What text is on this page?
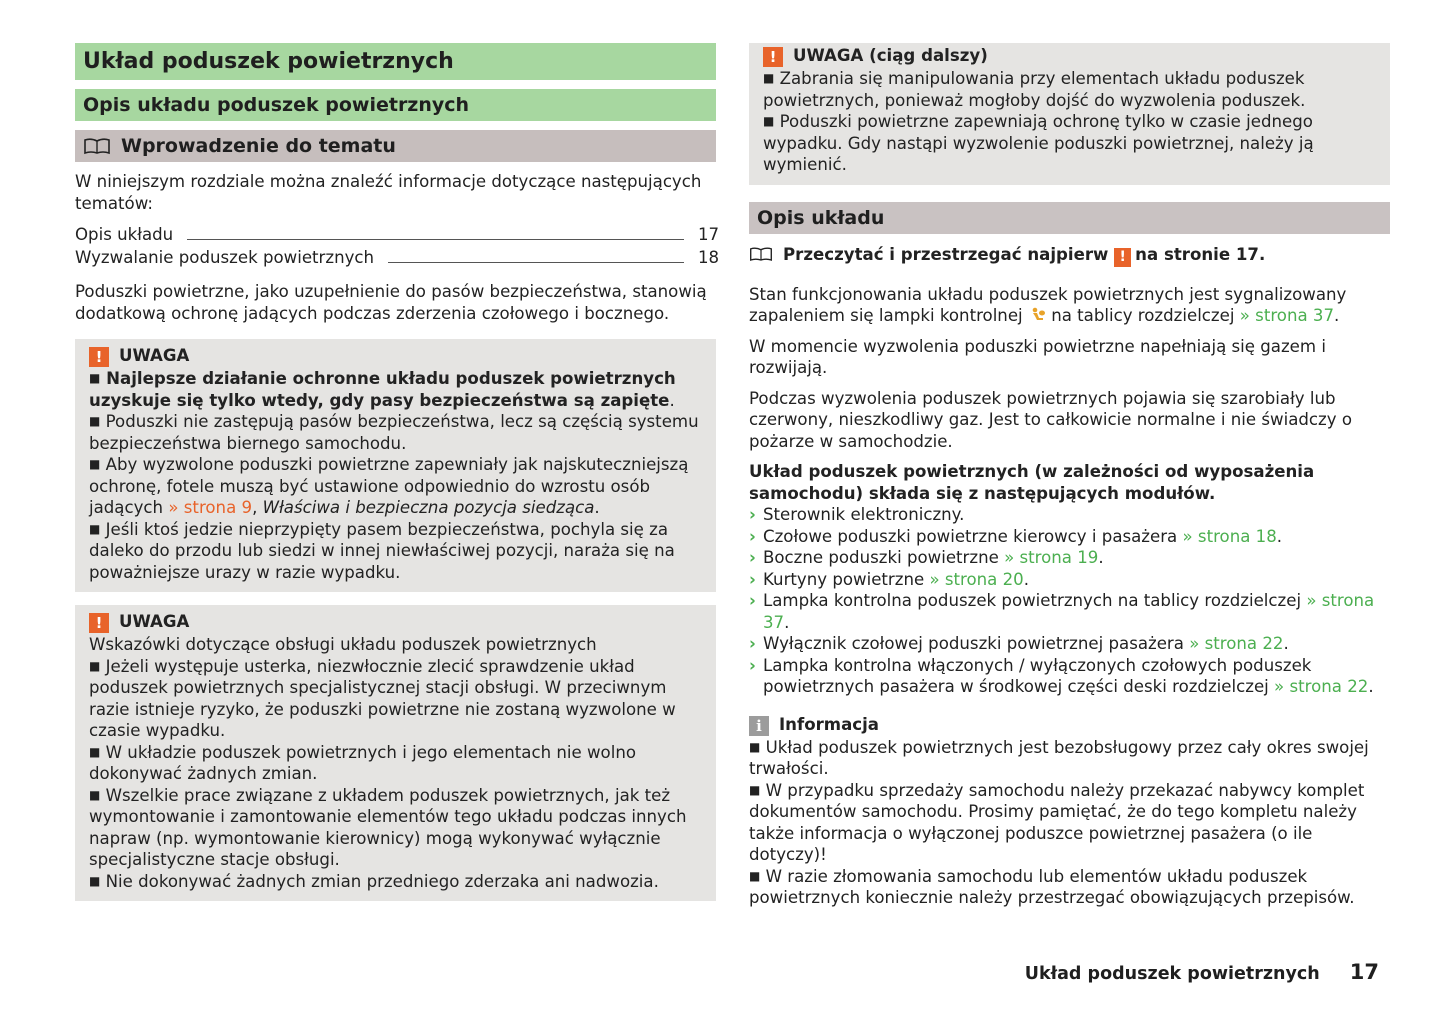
Układ poduszek powietrznych
Opis układu poduszek powietrznych
Wprowadzenie do tematu

W niniejszym rozdziale można znaleźć informacje dotyczące następujących tematów:

Opis układu	17
Wyzwalanie poduszek powietrznych	18

Poduszki powietrzne, jako uzupełnienie do pasów bezpieczeństwa, stanowią dodatkową ochronę jadących podczas zderzenia czołowego i bocznego.

! UWAGA

■ Najlepsze działanie ochronne układu poduszek powietrznych uzyskuje się tylko wtedy, gdy pasy bezpieczeństwa są zapięte.

■ Poduszki nie zastępują pasów bezpieczeństwa, lecz są częścią systemu bezpieczeństwa biernego samochodu.

■ Aby wyzwolone poduszki powietrzne zapewniały jak najskuteczniejszą ochronę, fotele muszą być ustawione odpowiednio do wzrostu osób jadących » strona 9, Właściwa i bezpieczna pozycja siedząca.

■ Jeśli ktoś jedzie nieprzypięty pasem bezpieczeństwa, pochyla się za daleko do przodu lub siedzi w innej niewłaściwej pozycji, naraża się na poważniejsze urazy w razie wypadku.

! UWAGA

Wskazówki dotyczące obsługi układu poduszek powietrznych

■ Jeżeli występuje usterka, niezwłocznie zlecić sprawdzenie układ poduszek powietrznych specjalistycznej stacji obsługi. W przeciwnym razie istnieje ryzyko, że poduszki powietrzne nie zostaną wyzwolone w czasie wypadku.

■ W układzie poduszek powietrznych i jego elementach nie wolno dokonywać żadnych zmian.

■ Wszelkie prace związane z układem poduszek powietrznych, jak też wymontowanie i zamontowanie elementów tego układu podczas innych napraw (np. wymontowanie kierownicy) mogą wykonywać wyłącznie specjalistyczne stacje obsługi.

■ Nie dokonywać żadnych zmian przedniego zderzaka ani nadwozia.

! UWAGA (ciąg dalszy)

■ Zabrania się manipulowania przy elementach układu poduszek powietrznych, ponieważ mogłoby dojść do wyzwolenia poduszek.

■ Poduszki powietrzne zapewniają ochronę tylko w czasie jednego wypadku. Gdy nastąpi wyzwolenie poduszki powietrznej, należy ją wymienić.

Opis układu
Przeczytać i przestrzegać najpierw ! na stronie 17.

Stan funkcjonowania układu poduszek powietrznych jest sygnalizowany zapaleniem się lampki kontrolnej na tablicy rozdzielczej » strona 37.

W momencie wyzwolenia poduszki powietrzne napełniają się gazem i rozwijają.

Podczas wyzwolenia poduszek powietrznych pojawia się szarobiały lub czerwony, nieszkodliwy gaz. Jest to całkowicie normalne i nie świadczy o pożarze w samochodzie.

Układ poduszek powietrznych (w zależności od wyposażenia samochodu) składa się z następujących modułów.

› Sterownik elektroniczny.
› Czołowe poduszki powietrzne kierowcy i pasażera » strona 18.
› Boczne poduszki powietrzne » strona 19.
› Kurtyny powietrzne » strona 20.
› Lampka kontrolna poduszek powietrznych na tablicy rozdzielczej » strona 37.
› Wyłącznik czołowej poduszki powietrznej pasażera » strona 22.
› Lampka kontrolna włączonych / wyłączonych czołowych poduszek powietrznych pasażera w środkowej części deski rozdzielczej » strona 22.
i Informacja

■ Układ poduszek powietrznych jest bezobsługowy przez cały okres swojej trwałości.

■ W przypadku sprzedaży samochodu należy przekazać nabywcy komplet dokumentów samochodu. Prosimy pamiętać, że do tego kompletu należy także informacja o wyłączonej poduszce powietrznej pasażera (o ile dotyczy)!

■ W razie złomowania samochodu lub elementów układu poduszek powietrznych koniecznie należy przestrzegać obowiązujących przepisów.

Układ poduszek powietrznych 17
